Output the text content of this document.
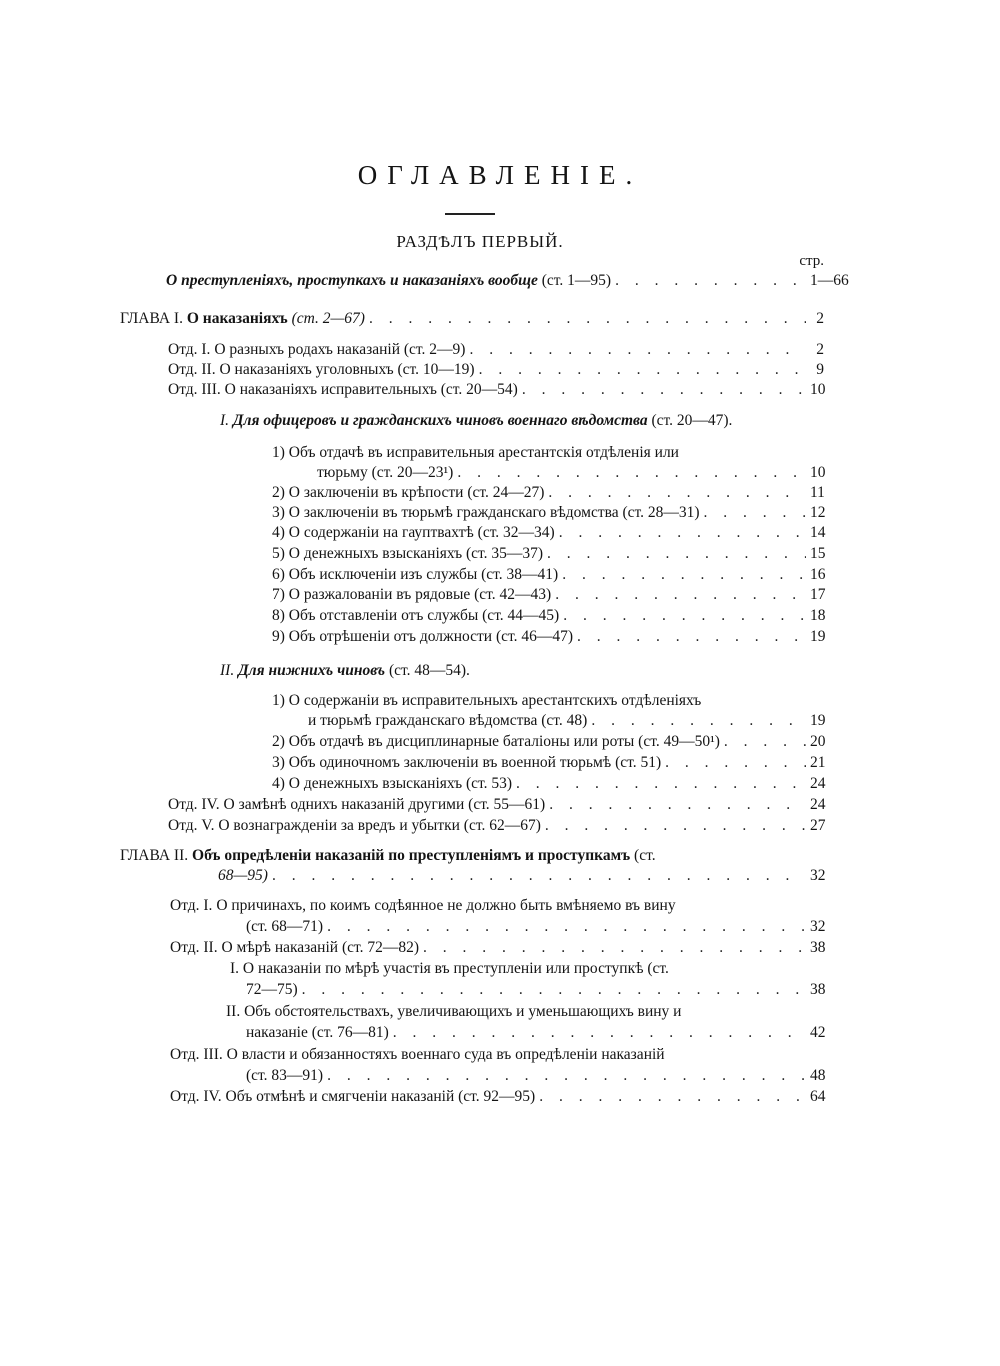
ОГЛАВЛЕНІЕ.
РАЗДѢЛЪ ПЕРВЫЙ.
стр.
О преступленіяхъ, проступкахъ и наказаніяхъ вообще (ст. 1—95) . . .	1—66
ГЛАВА I. О наказаніяхъ (ст. 2—67) . . .	2
Отд. I. О разныхъ родахъ наказаній (ст. 2—9) . . .	2
Отд. II. О наказаніяхъ уголовныхъ (ст. 10—19) . . .	9
Отд. III. О наказаніяхъ исправительныхъ (ст. 20—54) . . .	10
I. Для офицеровъ и гражданскихъ чиновъ военнаго вѣдомства (ст. 20—47).
1) Объ отдачѣ въ исправительныя арестантскія отдѣленія или
тюрьму (ст. 20—23¹) . . .	10
2) О заключеніи въ крѣпости (ст. 24—27) . . .	11
3) О заключеніи въ тюрьмѣ гражданскаго вѣдомства (ст. 28—31) . . .	12
4) О содержаніи на гауптвахтѣ (ст. 32—34) . . .	14
5) О денежныхъ взысканіяхъ (ст. 35—37) . . .	15
6) Объ исключеніи изъ службы (ст. 38—41) . . .	16
7) О разжалованіи въ рядовые (ст. 42—43) . . .	17
8) Объ отставленіи отъ службы (ст. 44—45) . . .	18
9) Объ отрѣшеніи отъ должности (ст. 46—47) . . .	19
II. Для нижнихъ чиновъ (ст. 48—54).
1) О содержаніи въ исправительныхъ арестантскихъ отдѣленіяхъ
и тюрьмѣ гражданскаго вѣдомства (ст. 48) . . .	19
2) Объ отдачѣ въ дисциплинарные баталіоны или роты (ст. 49—50¹) . . .	20
3) Объ одиночномъ заключеніи въ военной тюрьмѣ (ст. 51) . . .	21
4) О денежныхъ взысканіяхъ (ст. 53) . . .	24
Отд. IV. О замѣнѣ однихъ наказаній другими (ст. 55—61) . . .	24
Отд. V. О вознагражденіи за вредъ и убытки (ст. 62—67) . . .	27
ГЛАВА II. Объ опредѣленіи наказаній по преступленіямъ и проступкамъ (ст.
68—95) . . .	32
Отд. I. О причинахъ, по коимъ содѣянное не должно быть вмѣняемо въ вину
(ст. 68—71) . . .	32
Отд. II. О мѣрѣ наказаній (ст. 72—82) . . .	38
I. О наказаніи по мѣрѣ участія въ преступленіи или проступкѣ (ст.
72—75) . . .	38
II. Объ обстоятельствахъ, увеличивающихъ и уменьшающихъ вину и
наказаніе (ст. 76—81) . . .	42
Отд. III. О власти и обязанностяхъ военнаго суда въ опредѣленіи наказаній
(ст. 83—91) . . .	48
Отд. IV. Объ отмѣнѣ и смягченіи наказаній (ст. 92—95) . . .	64
